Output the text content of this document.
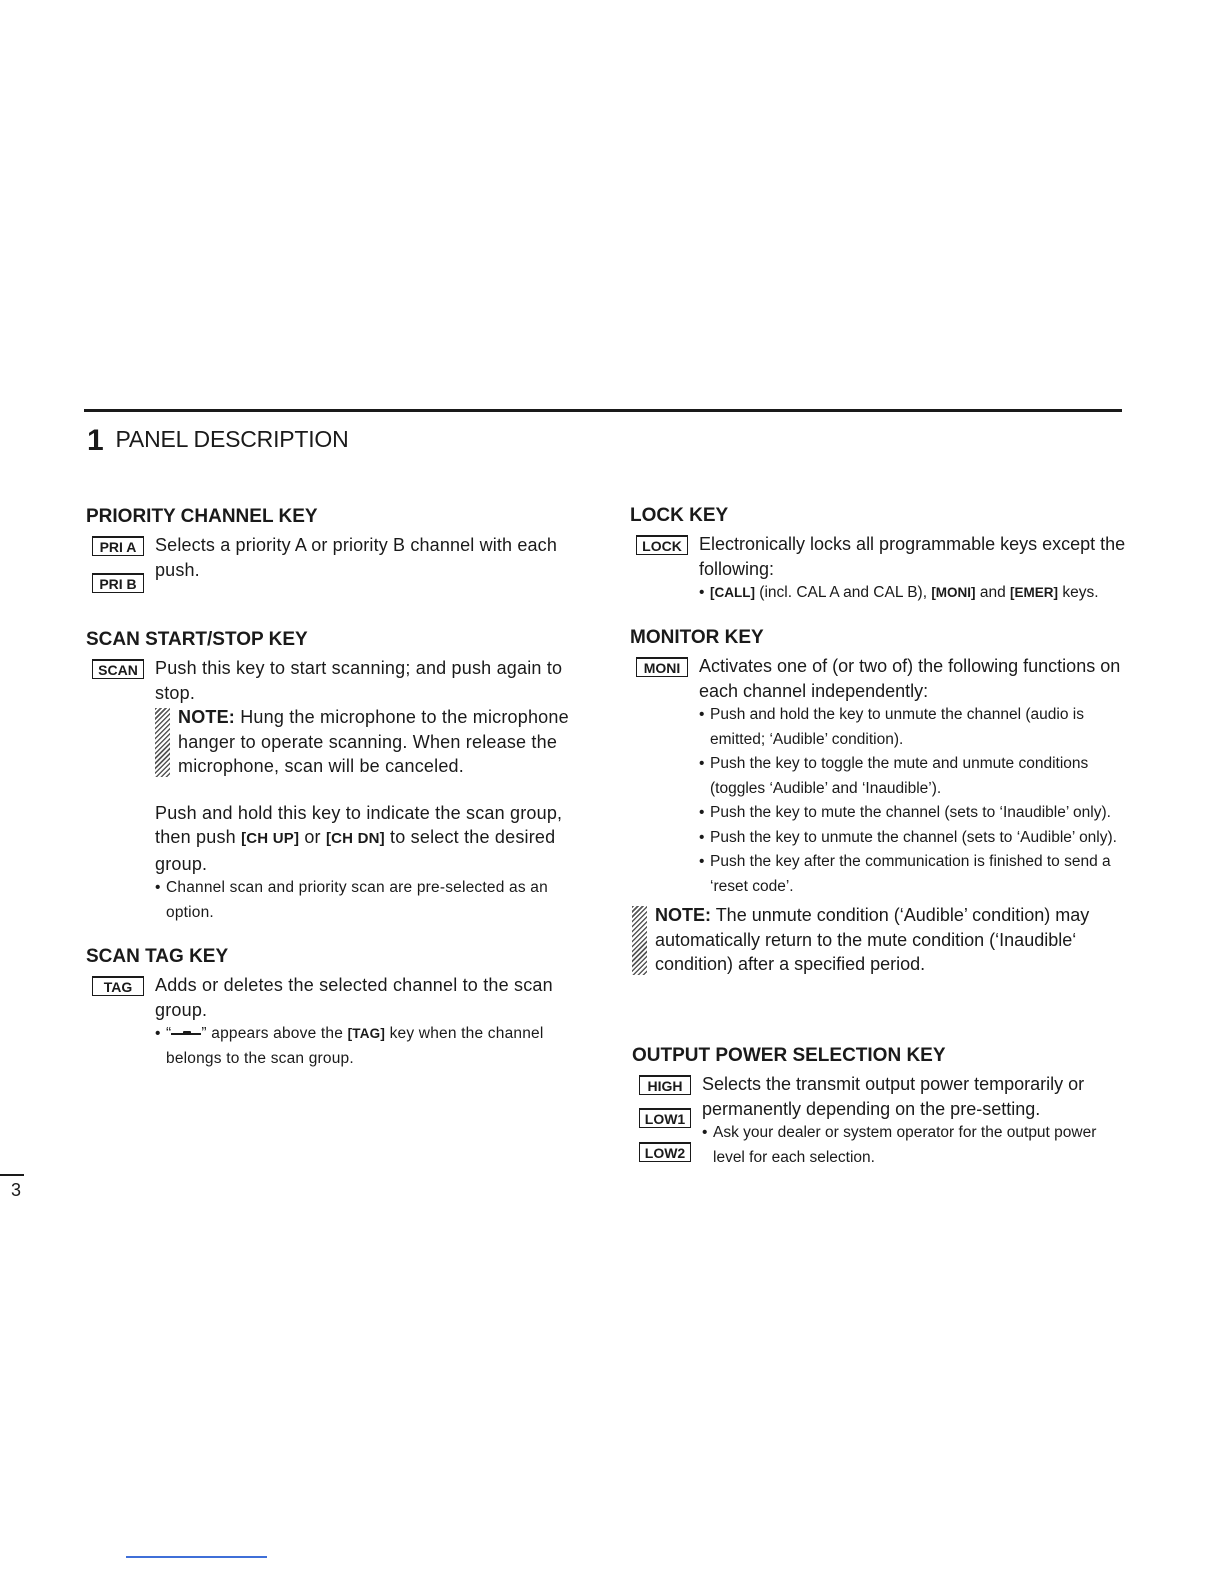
1 PANEL DESCRIPTION
PRIORITY CHANNEL KEY
PRI A
PRI B

Selects a priority A or priority B channel with each push.

SCAN START/STOP KEY
SCAN Push this key to start scanning; and push again to stop.

NOTE: Hung the microphone to the microphone hanger to operate scanning. When release the microphone, scan will be canceled.

Push and hold this key to indicate the scan group, then push [CH UP] or [CH DN] to select the desired group.

• Channel scan and priority scan are pre-selected as an option.

SCAN TAG KEY
TAG	Adds or deletes the selected channel to the scan group.

• “ ” appears above the [TAG] key when the channel belongs to the scan group.

LOCK KEY
LOCK Electronically locks all programmable keys except the following:

• [CALL] (incl. CAL A and CAL B), [MONI] and [EMER] keys.

MONITOR KEY
MONI	Activates one of (or two of) the following functions on each channel independently:

• Push and hold the key to unmute the channel (audio is emitted; ‘Audible’ condition).

• Push the key to toggle the mute and unmute conditions (toggles ‘Audible’ and ‘Inaudible’).

• Push the key to mute the channel (sets to ‘Inaudible’ only).

• Push the key to unmute the channel (sets to ‘Audible’ only).

• Push the key after the communication is finished to send a ‘reset code’.

NOTE: The unmute condition (‘Audible’ condition) may automatically return to the mute condition (‘Inaudible‘ condition) after a specified period.
OUTPUT POWER SELECTION KEY
HIGH
LOW1
LOW2

Selects the transmit output power temporarily or permanently depending on the pre-setting.

• Ask your dealer or system operator for the output power level for each selection.

3
